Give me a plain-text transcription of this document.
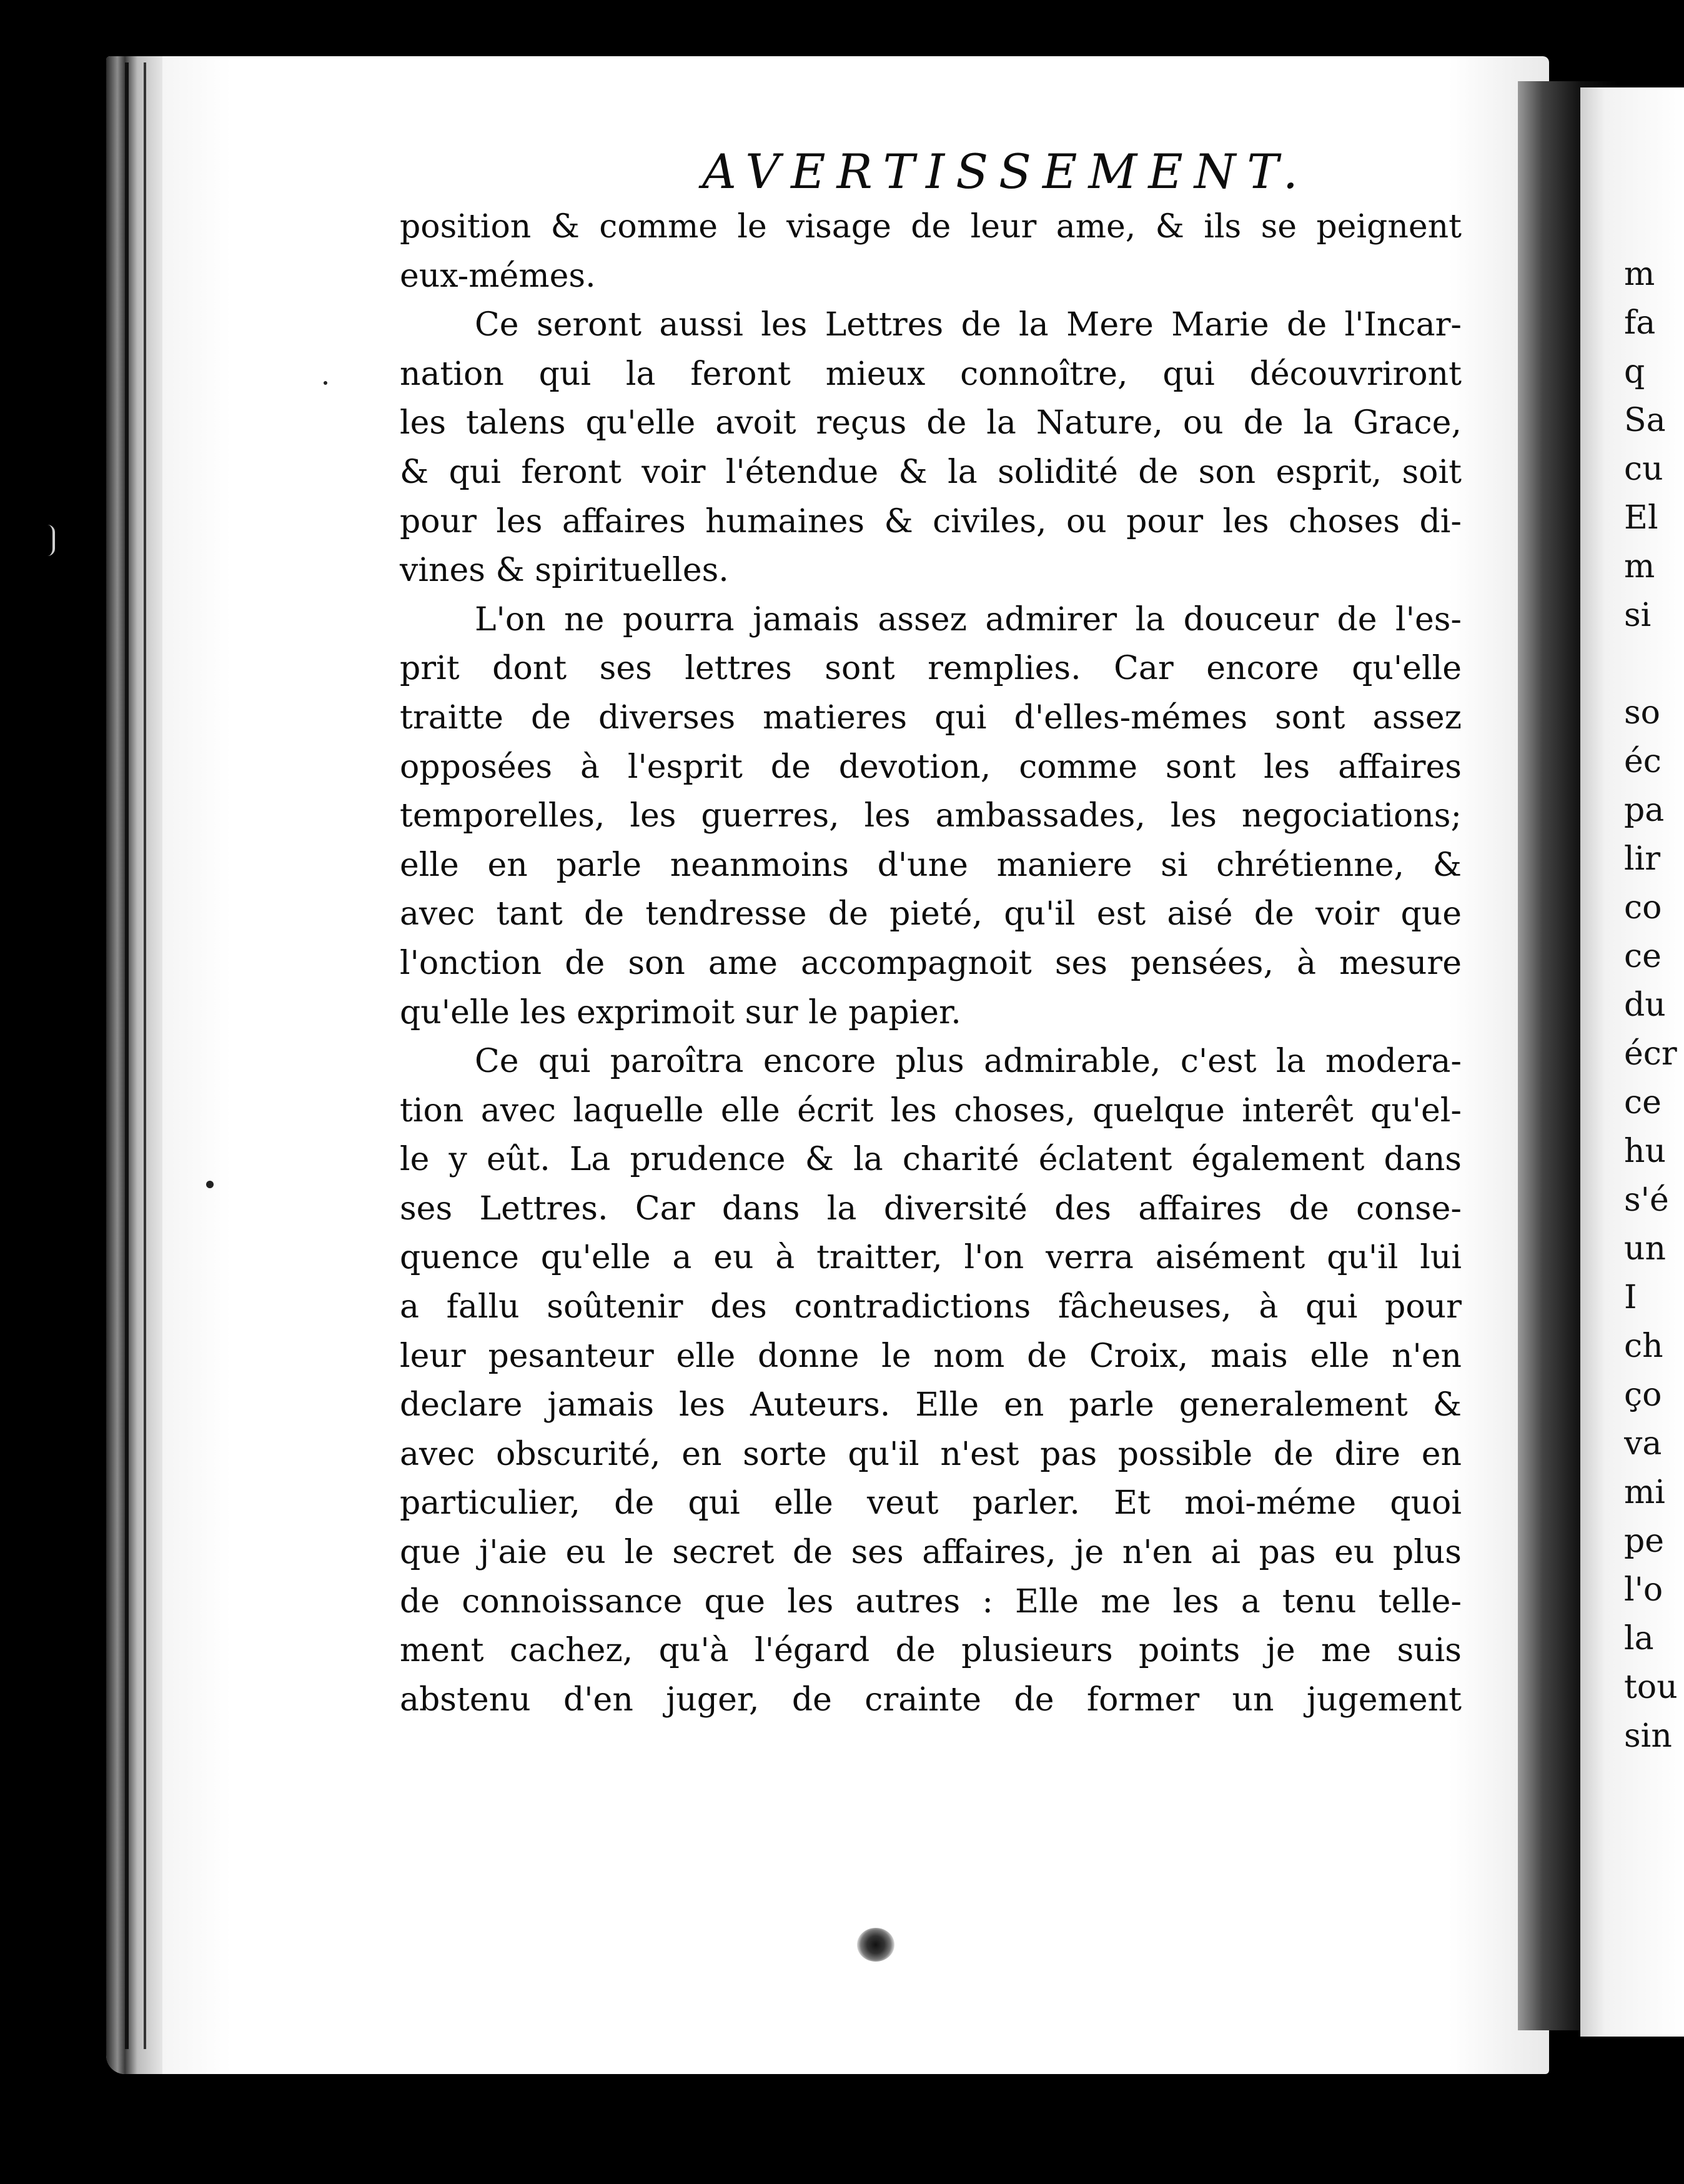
m
fa
q
Sa
cu
El
m
si
so
éc
pa
lir
co
ce
du
écr
ce
hu
s'é
un
I
ch
ço
va
mi
pe
l'o
la
tou
sin
AVERTISSEMENT.
position & comme le visage de leur ame, & ils se peignent
eux-mémes.
Ce seront aussi les Lettres de la Mere Marie de l'Incar-
nation qui la feront mieux connoître, qui découvriront
les talens qu'elle avoit reçus de la Nature, ou de la Grace,
& qui feront voir l'étendue & la solidité de son esprit, soit
pour les affaires humaines & civiles, ou pour les choses di-
vines & spirituelles.
L'on ne pourra jamais assez admirer la douceur de l'es-
prit dont ses lettres sont remplies. Car encore qu'elle
traitte de diverses matieres qui d'elles-mémes sont assez
opposées à l'esprit de devotion, comme sont les affaires
temporelles, les guerres, les ambassades, les negociations;
elle en parle neanmoins d'une maniere si chrétienne, &
avec tant de tendresse de pieté, qu'il est aisé de voir que
l'onction de son ame accompagnoit ses pensées, à mesure
qu'elle les exprimoit sur le papier.
Ce qui paroîtra encore plus admirable, c'est la modera-
tion avec laquelle elle écrit les choses, quelque interêt qu'el-
le y eût. La prudence & la charité éclatent également dans
ses Lettres. Car dans la diversité des affaires de conse-
quence qu'elle a eu à traitter, l'on verra aisément qu'il lui
a fallu soûtenir des contradictions fâcheuses, à qui pour
leur pesanteur elle donne le nom de Croix, mais elle n'en
declare jamais les Auteurs. Elle en parle generalement &
avec obscurité, en sorte qu'il n'est pas possible de dire en
particulier, de qui elle veut parler. Et moi-méme quoi
que j'aie eu le secret de ses affaires, je n'en ai pas eu plus
de connoissance que les autres : Elle me les a tenu telle-
ment cachez, qu'à l'égard de plusieurs points je me suis
abstenu d'en juger, de crainte de former un jugement
